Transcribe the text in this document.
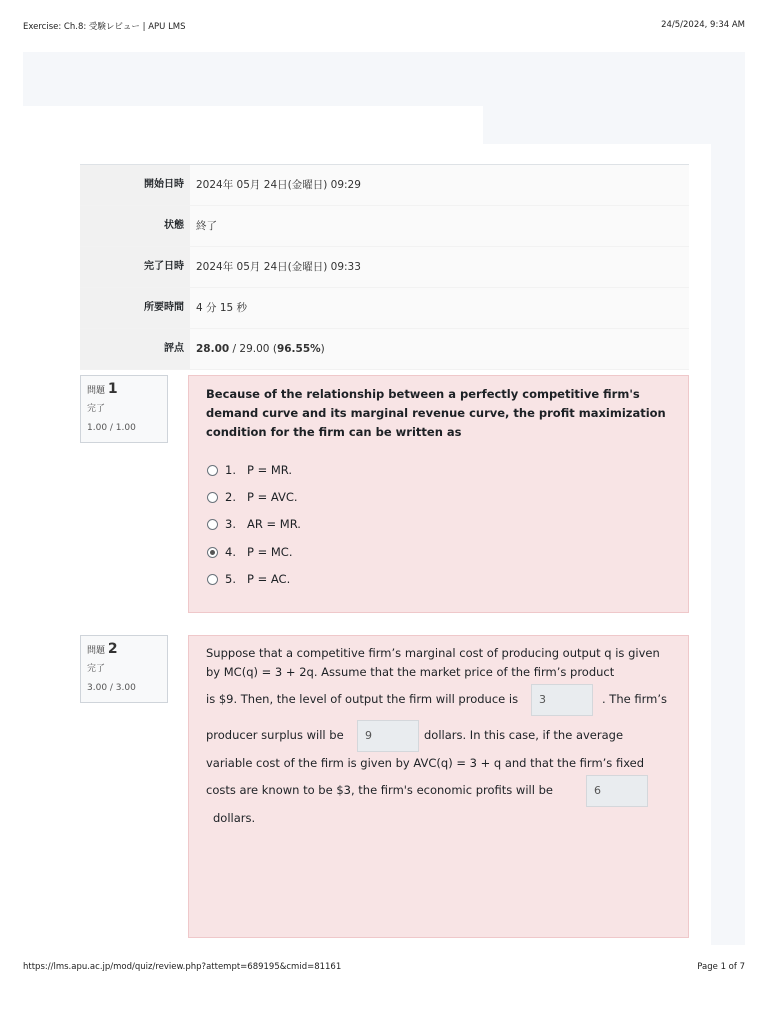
Exercise: Ch.8: 受験レビュー | APU LMS	24/5/2024, 9:34 AM
開始日時	2024年 05月 24日(金曜日) 09:29
状態	終了
完了日時	2024年 05月 24日(金曜日) 09:33
所要時間	4 分 15 秒
評点	28.00 / 29.00 (96.55%)
問題 1
完了
1.00 / 1.00
Because of the relationship between a perfectly competitive firm's demand curve and its marginal revenue curve, the profit maximization condition for the firm can be written as
1. P = MR.
2. P = AVC.
3. AR = MR.
4. P = MC.
5. P = AC.
問題 2
完了
3.00 / 3.00
Suppose that a competitive firm’s marginal cost of producing output q is given by MC(q) = 3 + 2q. Assume that the market price of the firm’s product
is $9. Then, the level of output the firm will produce is	3	. The firm’s
producer surplus will be	9	dollars. In this case, if the average
variable cost of the firm is given by AVC(q) = 3 + q and that the firm’s fixed
costs are known to be $3, the firm's economic profits will be	6
dollars.
https://lms.apu.ac.jp/mod/quiz/review.php?attempt=689195&cmid=81161	Page 1 of 7
